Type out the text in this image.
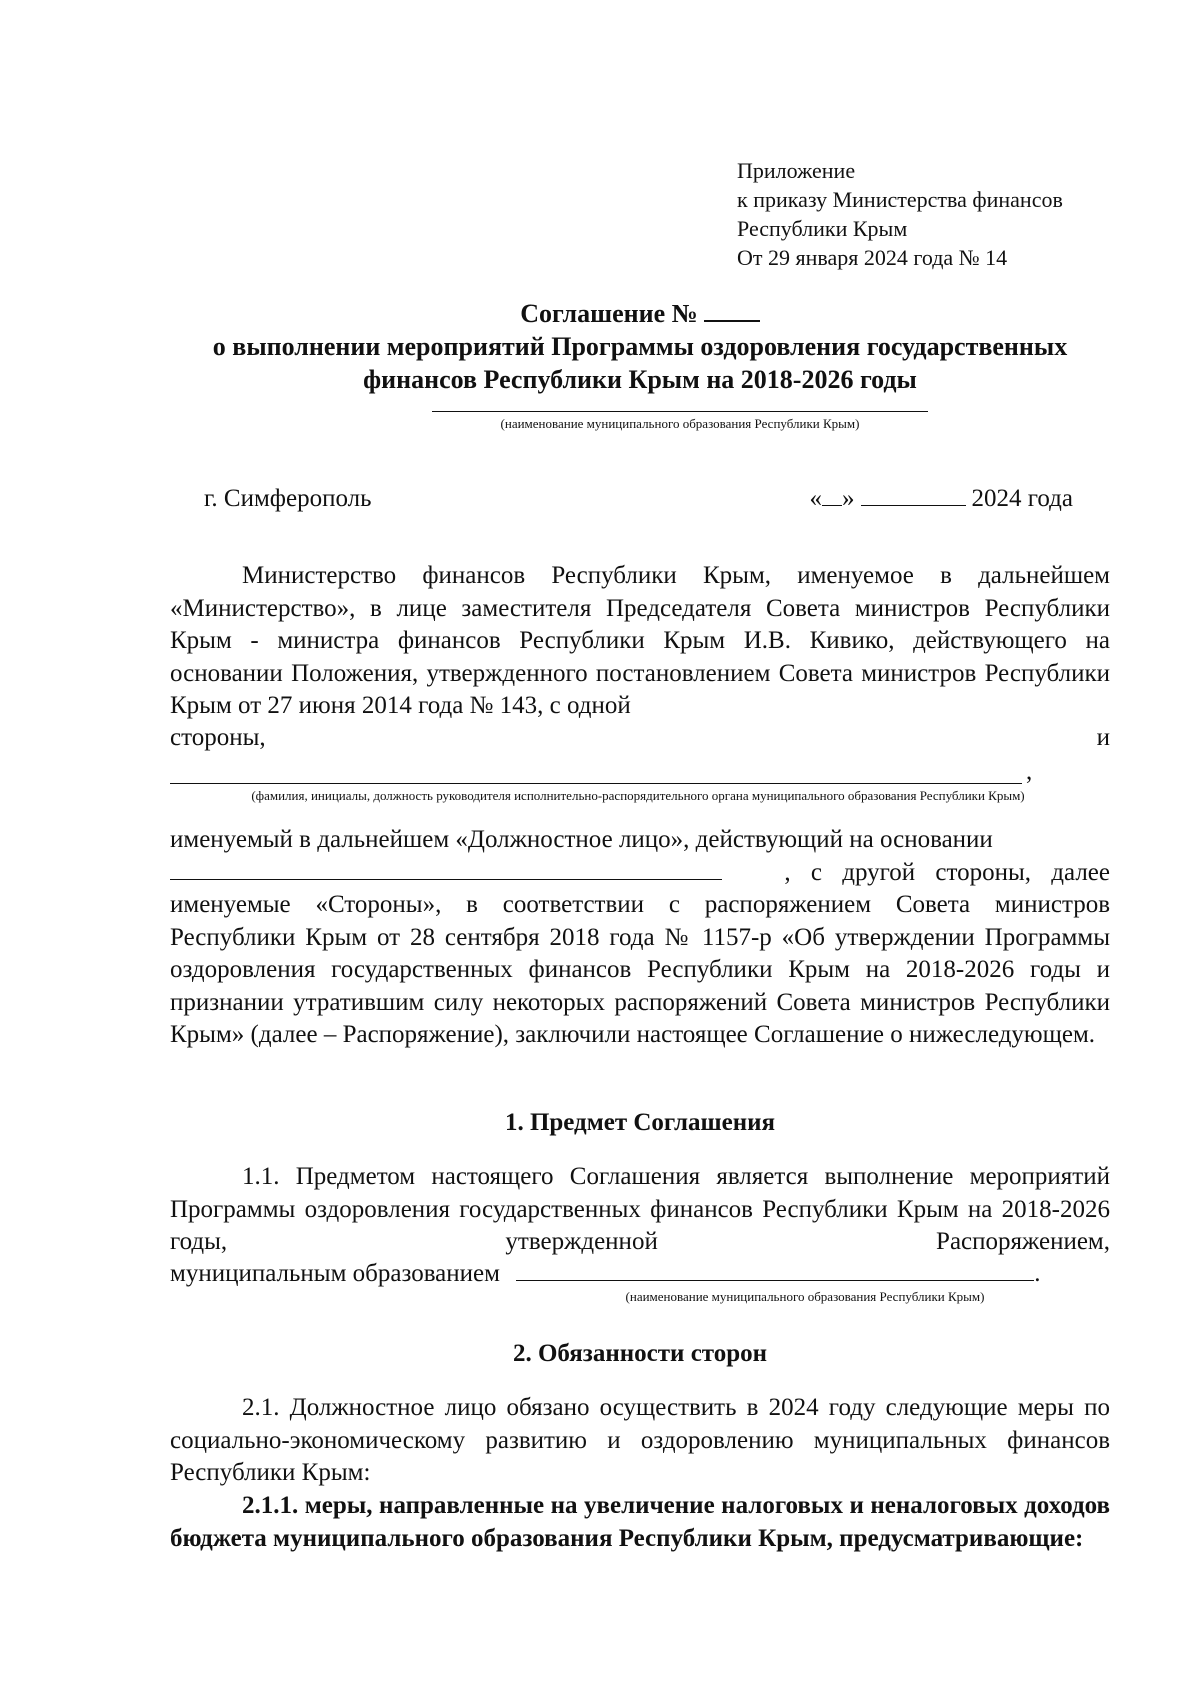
Приложение
к приказу Министерства финансов
Республики Крым
От 29 января 2024 года № 14
Соглашение №
о выполнении мероприятий Программы оздоровления государственных
финансов Республики Крым на 2018-2026 годы
(наименование муниципального образования Республики Крым)
г. Симферополь	« »	2024 года
Министерство финансов Республики Крым, именуемое в дальнейшем «Министерство», в лице заместителя Председателя Совета министров Республики Крым - министра финансов Республики Крым И.В. Кивико, действующего на основании Положения, утвержденного постановлением Совета министров Республики Крым от 27 июня 2014 года № 143, с одной
стороны,	и
,
(фамилия, инициалы, должность руководителя исполнительно-распорядительного органа муниципального образования Республики Крым)
именуемый в дальнейшем «Должностное лицо», действующий на основании
, с другой стороны, далее
именуемые «Стороны», в соответствии с распоряжением Совета министров Республики Крым от 28 сентября 2018 года № 1157-р «Об утверждении Программы оздоровления государственных финансов Республики Крым на 2018-2026 годы и признании утратившим силу некоторых распоряжений Совета министров Республики Крым» (далее – Распоряжение), заключили настоящее Соглашение о нижеследующем.
1. Предмет Соглашения
1.1. Предметом настоящего Соглашения является выполнение мероприятий Программы оздоровления государственных финансов Республики Крым на 2018-2026 годы, утвержденной Распоряжением,
муниципальным образованием	.
(наименование муниципального образования Республики Крым)
2. Обязанности сторон
2.1. Должностное лицо обязано осуществить в 2024 году следующие меры по социально-экономическому развитию и оздоровлению муниципальных финансов Республики Крым:
2.1.1. меры, направленные на увеличение налоговых и неналоговых доходов бюджета муниципального образования Республики Крым, предусматривающие:
